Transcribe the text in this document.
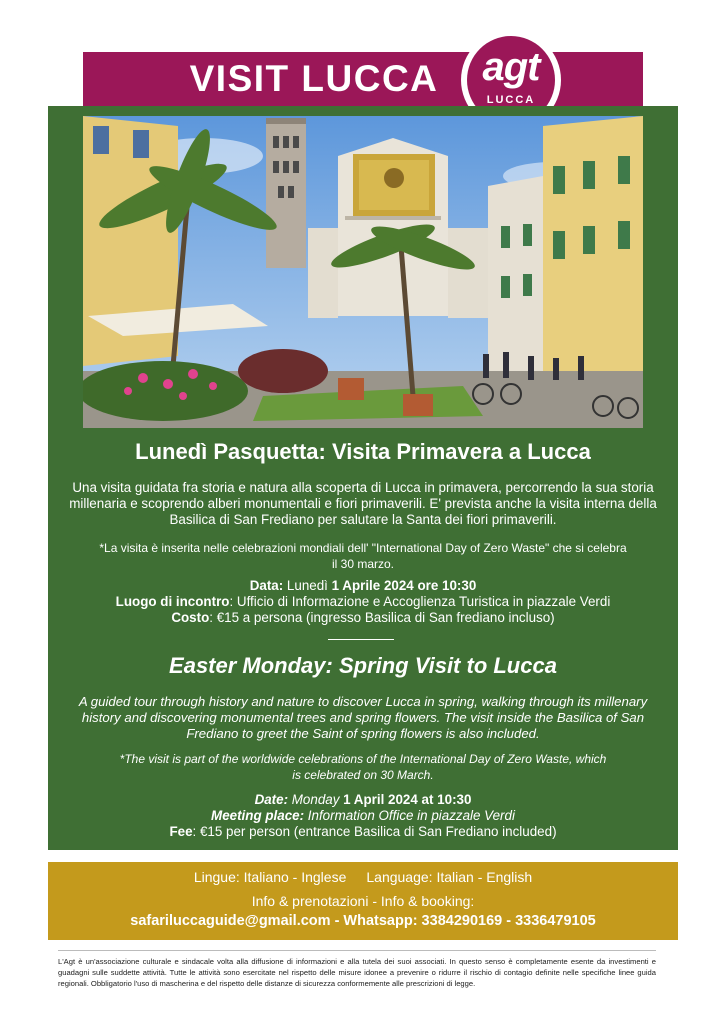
VISIT LUCCA	agt
LUCCA
Lunedì Pasquetta: Visita Primavera a Lucca
Una visita guidata fra storia e natura alla scoperta di Lucca in primavera, percorrendo la sua storia millenaria e scoprendo alberi monumentali e fiori primaverili. E' prevista anche la visita interna della Basilica di San Frediano per salutare la Santa dei fiori primaverili.
*La visita è inserita nelle celebrazioni mondiali dell' "International Day of Zero Waste" che si celebra il 30 marzo.
Data: Lunedì 1 Aprile 2024 ore 10:30
Luogo di incontro: Ufficio di Informazione e Accoglienza Turistica in piazzale Verdi
Costo: €15 a persona (ingresso Basilica di San frediano incluso)
Easter Monday: Spring Visit to Lucca
A guided tour through history and nature to discover Lucca in spring, walking through its millenary history and discovering monumental trees and spring flowers. The visit inside the Basilica of San Frediano to greet the Saint of spring flowers is also included.
*The visit is part of the worldwide celebrations of the International Day of Zero Waste, which is celebrated on 30 March.
Date: Monday 1 April 2024 at 10:30
Meeting place: Information Office in piazzale Verdi
Fee: €15 per person (entrance Basilica di San Frediano included)
Lingue: Italiano - Inglese Language: Italian - English
Info & prenotazioni - Info & booking:
safariluccaguide@gmail.com - Whatsapp: 3384290169 - 3336479105
L'Agt è un'associazione culturale e sindacale volta alla diffusione di informazioni e alla tutela dei suoi associati. In questo senso è completamente esente da investimenti e guadagni sulle suddette attività. Tutte le attività sono esercitate nel rispetto delle misure idonee a prevenire o ridurre il rischio di contagio definite nelle specifiche linee guida regionali. Obbligatorio l'uso di mascherina e del rispetto delle distanze di sicurezza conformemente alle prescrizioni di legge.
